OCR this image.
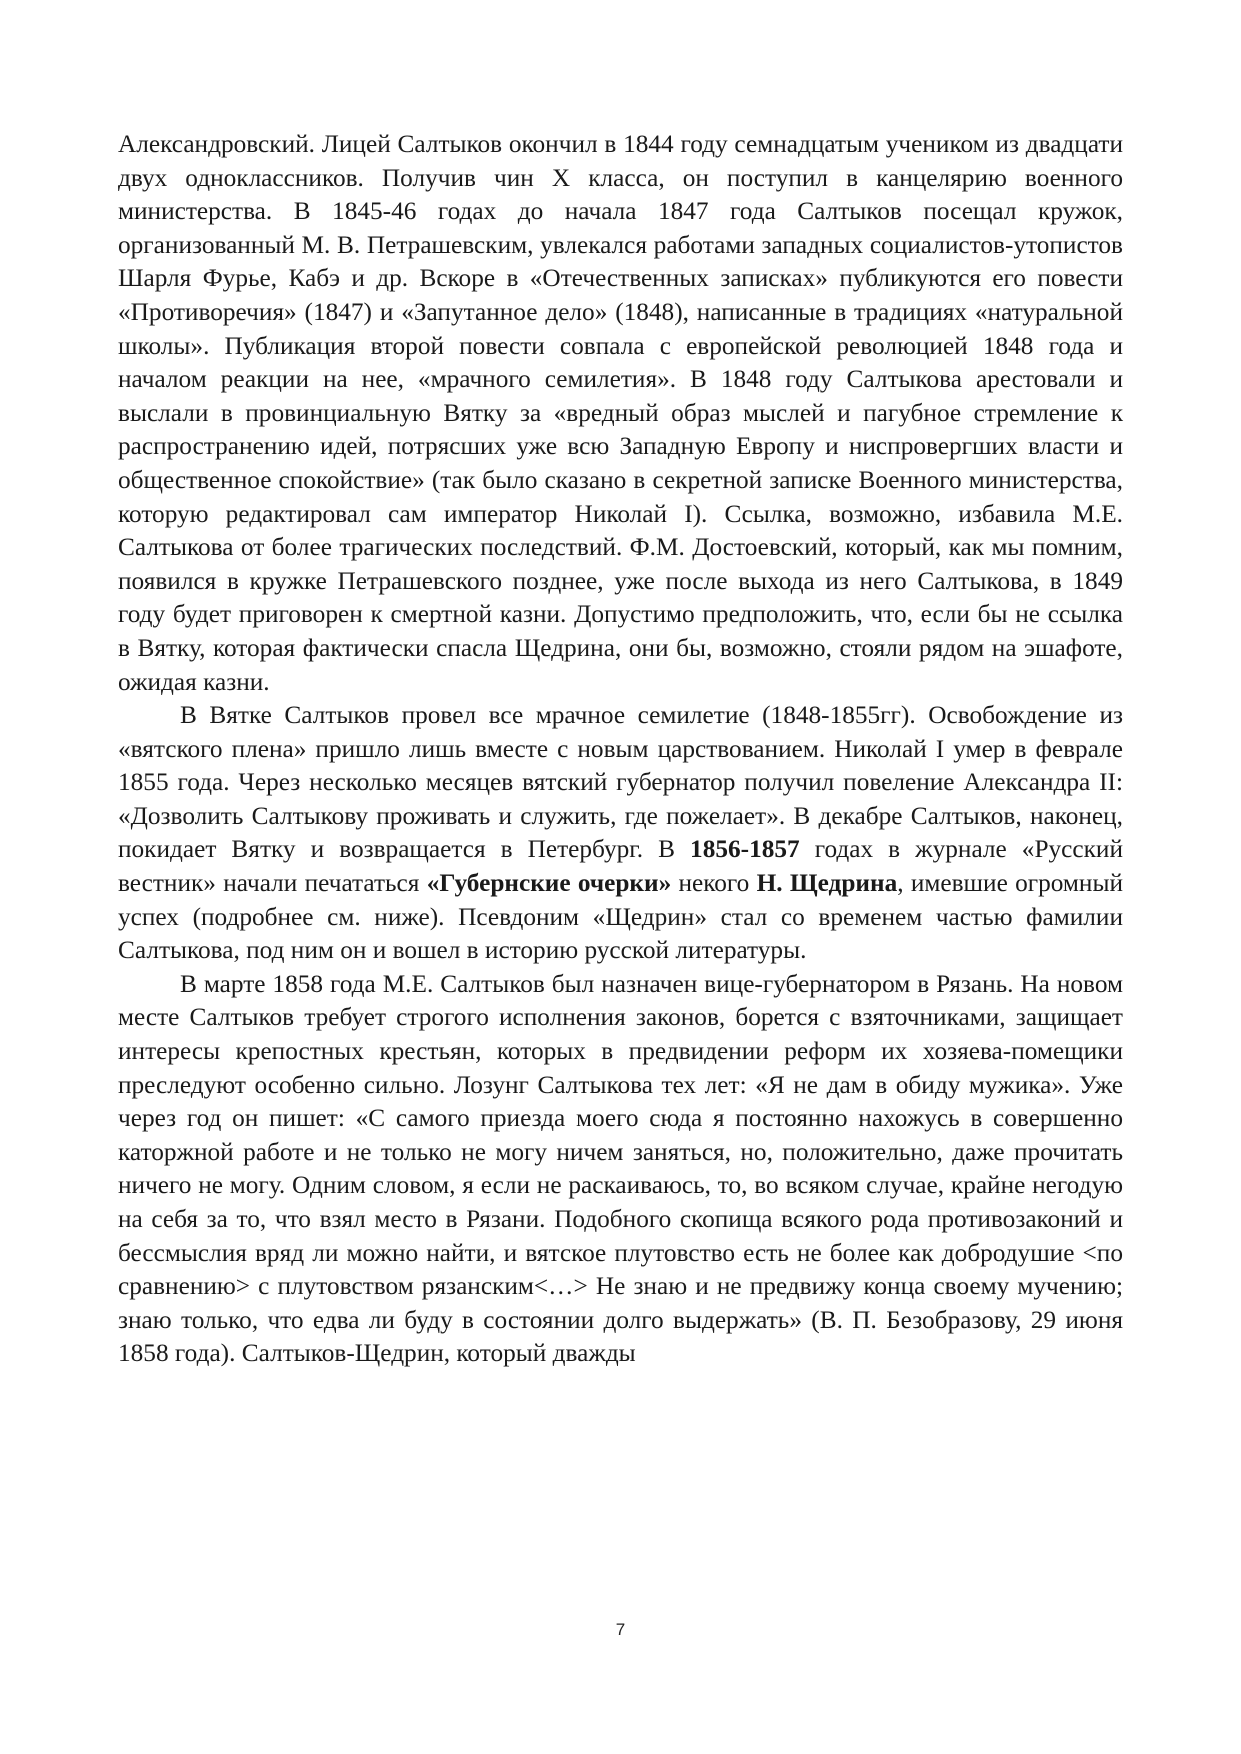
Александровский. Лицей Салтыков окончил в 1844 году семнадцатым учеником из двадцати двух одноклассников. Получив чин X класса, он поступил в канцелярию военного министерства. В 1845-46 годах до начала 1847 года Салтыков посещал кружок, организованный М. В. Петрашевским, увлекался работами западных социалистов-утопистов Шарля Фурье, Кабэ и др. Вскоре в «Отечественных записках» публикуются его повести «Противоречия» (1847) и «Запутанное дело» (1848), написанные в традициях «натуральной школы». Публикация второй повести совпала с европейской революцией 1848 года и началом реакции на нее, «мрачного семилетия». В 1848 году Салтыкова арестовали и выслали в провинциальную Вятку за «вредный образ мыслей и пагубное стремление к распространению идей, потрясших уже всю Западную Европу и ниспровергших власти и общественное спокойствие» (так было сказано в секретной записке Военного министерства, которую редактировал сам император Николай I). Ссылка, возможно, избавила М.Е. Салтыкова от более трагических последствий. Ф.М. Достоевский, который, как мы помним, появился в кружке Петрашевского позднее, уже после выхода из него Салтыкова, в 1849 году будет приговорен к смертной казни. Допустимо предположить, что, если бы не ссылка в Вятку, которая фактически спасла Щедрина, они бы, возможно, стояли рядом на эшафоте, ожидая казни.

В Вятке Салтыков провел все мрачное семилетие (1848-1855гг). Освобождение из «вятского плена» пришло лишь вместе с новым царствованием. Николай I умер в феврале 1855 года. Через несколько месяцев вятский губернатор получил повеление Александра II: «Дозволить Салтыкову проживать и служить, где пожелает». В декабре Салтыков, наконец, покидает Вятку и возвращается в Петербург. В 1856-1857 годах в журнале «Русский вестник» начали печататься «Губернские очерки» некого Н. Щедрина, имевшие огромный успех (подробнее см. ниже). Псевдоним «Щедрин» стал со временем частью фамилии Салтыкова, под ним он и вошел в историю русской литературы.

В марте 1858 года М.Е. Салтыков был назначен вице-губернатором в Рязань. На новом месте Салтыков требует строгого исполнения законов, борется с взяточниками, защищает интересы крепостных крестьян, которых в предвидении реформ их хозяева-помещики преследуют особенно сильно. Лозунг Салтыкова тех лет: «Я не дам в обиду мужика». Уже через год он пишет: «С самого приезда моего сюда я постоянно нахожусь в совершенно каторжной работе и не только не могу ничем заняться, но, положительно, даже прочитать ничего не могу. Одним словом, я если не раскаиваюсь, то, во всяком случае, крайне негодую на себя за то, что взял место в Рязани. Подобного скопища всякого рода противозаконий и бессмыслия вряд ли можно найти, и вятское плутовство есть не более как добродушие <по сравнению> с плутовством рязанским<…> Не знаю и не предвижу конца своему мучению; знаю только, что едва ли буду в состоянии долго выдержать» (В. П. Безобразову, 29 июня 1858 года). Салтыков-Щедрин, который дважды

7
